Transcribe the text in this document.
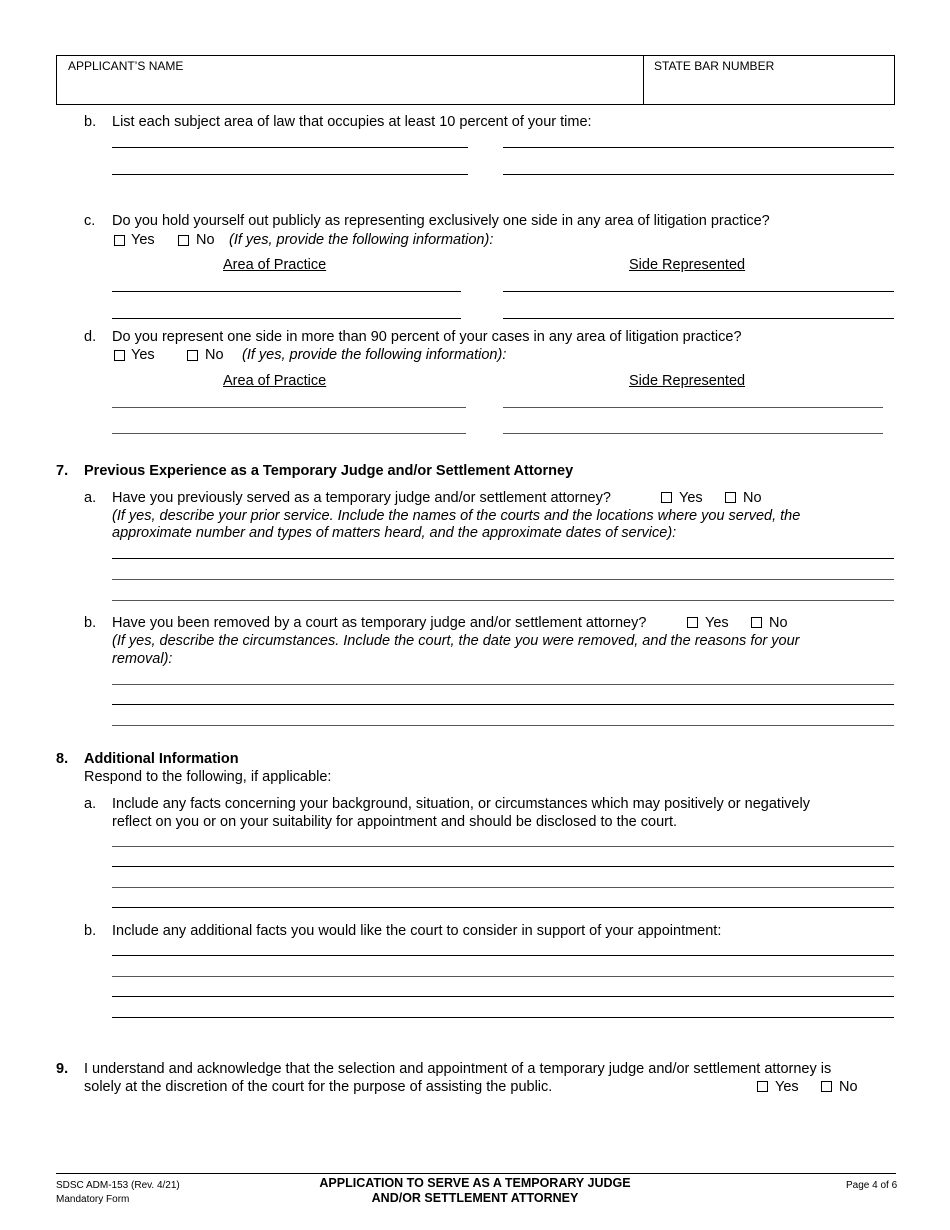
APPLICANT’S NAME	STATE BAR NUMBER
b. List each subject area of law that occupies at least 10 percent of your time:
c. Do you hold yourself out publicly as representing exclusively one side in any area of litigation practice?
Yes	No (If yes, provide the following information):
Area of Practice	Side Represented
d. Do you represent one side in more than 90 percent of your cases in any area of litigation practice?
Yes	No (If yes, provide the following information):
Area of Practice	Side Represented
7. Previous Experience as a Temporary Judge and/or Settlement Attorney
a. Have you previously served as a temporary judge and/or settlement attorney?	Yes	No
(If yes, describe your prior service. Include the names of the courts and the locations where you served, the
approximate number and types of matters heard, and the approximate dates of service):
b. Have you been removed by a court as temporary judge and/or settlement attorney?	Yes	No
(If yes, describe the circumstances. Include the court, the date you were removed, and the reasons for your
removal):
8. Additional Information
Respond to the following, if applicable:
a. Include any facts concerning your background, situation, or circumstances which may positively or negatively
reflect on you or on your suitability for appointment and should be disclosed to the court.
b. Include any additional facts you would like the court to consider in support of your appointment:
9. I understand and acknowledge that the selection and appointment of a temporary judge and/or settlement attorney is
solely at the discretion of the court for the purpose of assisting the public.	Yes	No
SDSC ADM-153 (Rev. 4/21)
Mandatory Form
APPLICATION TO SERVE AS A TEMPORARY JUDGE
AND/OR SETTLEMENT ATTORNEY
Page 4 of 6
